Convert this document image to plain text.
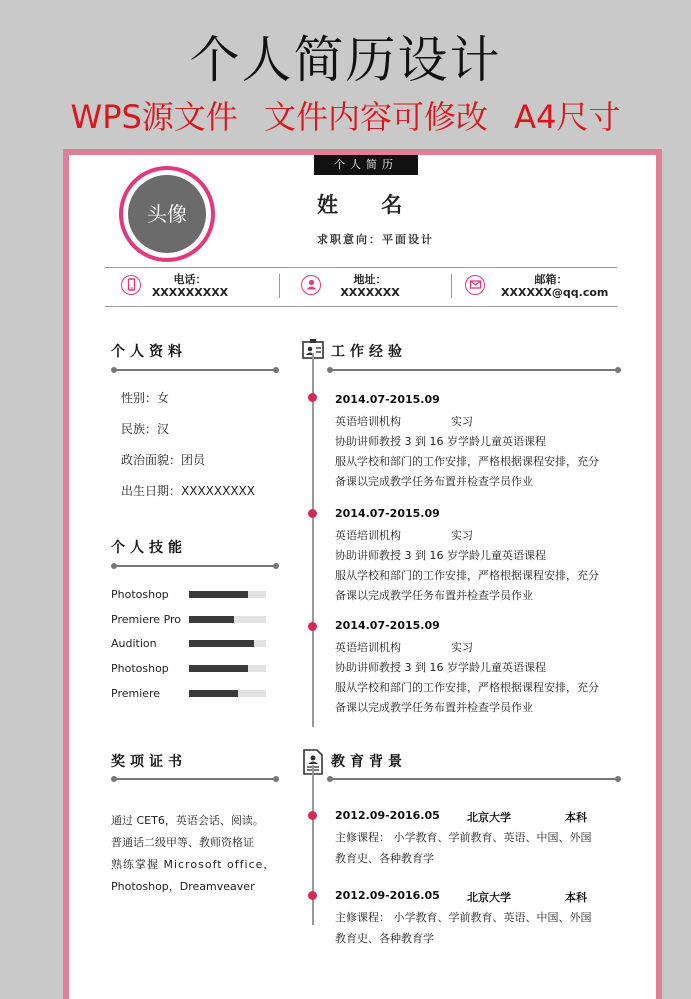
个人简历设计
WPS源文件 文件内容可修改 A4尺寸
个人简历
头像	姓 名
求职意向：平面设计
电话：
XXXXXXXXX
地址：
XXXXXXX
邮箱：
XXXXXX@qq.com
个人资料
性别：女
民族：汉
政治面貌：团员
出生日期：XXXXXXXXX
个人技能
Photoshop
Premiere Pro
Audition
Photoshop
Premiere
奖项证书
通过 CET6，英语会话、阅读。
普通话二级甲等、教师资格证
熟练掌握 Microsoft office，
Photoshop，Dreamveaver
工作经验
2014.07-2015.09
英语培训机构	实习
协助讲师教授 3 到 16 岁学龄儿童英语课程
服从学校和部门的工作安排，严格根据课程安排，充分
备课以完成教学任务布置并检查学员作业
2014.07-2015.09
英语培训机构	实习
协助讲师教授 3 到 16 岁学龄儿童英语课程
服从学校和部门的工作安排，严格根据课程安排，充分
备课以完成教学任务布置并检查学员作业
2014.07-2015.09
英语培训机构	实习
协助讲师教授 3 到 16 岁学龄儿童英语课程
服从学校和部门的工作安排，严格根据课程安排，充分
备课以完成教学任务布置并检查学员作业
教育背景
2012.09-2016.05 北京大学	本科
主修课程： 小学教育、学前教育、英语、中国、外国
教育史、各种教育学
2012.09-2016.05 北京大学	本科
主修课程： 小学教育、学前教育、英语、中国、外国
教育史、各种教育学
